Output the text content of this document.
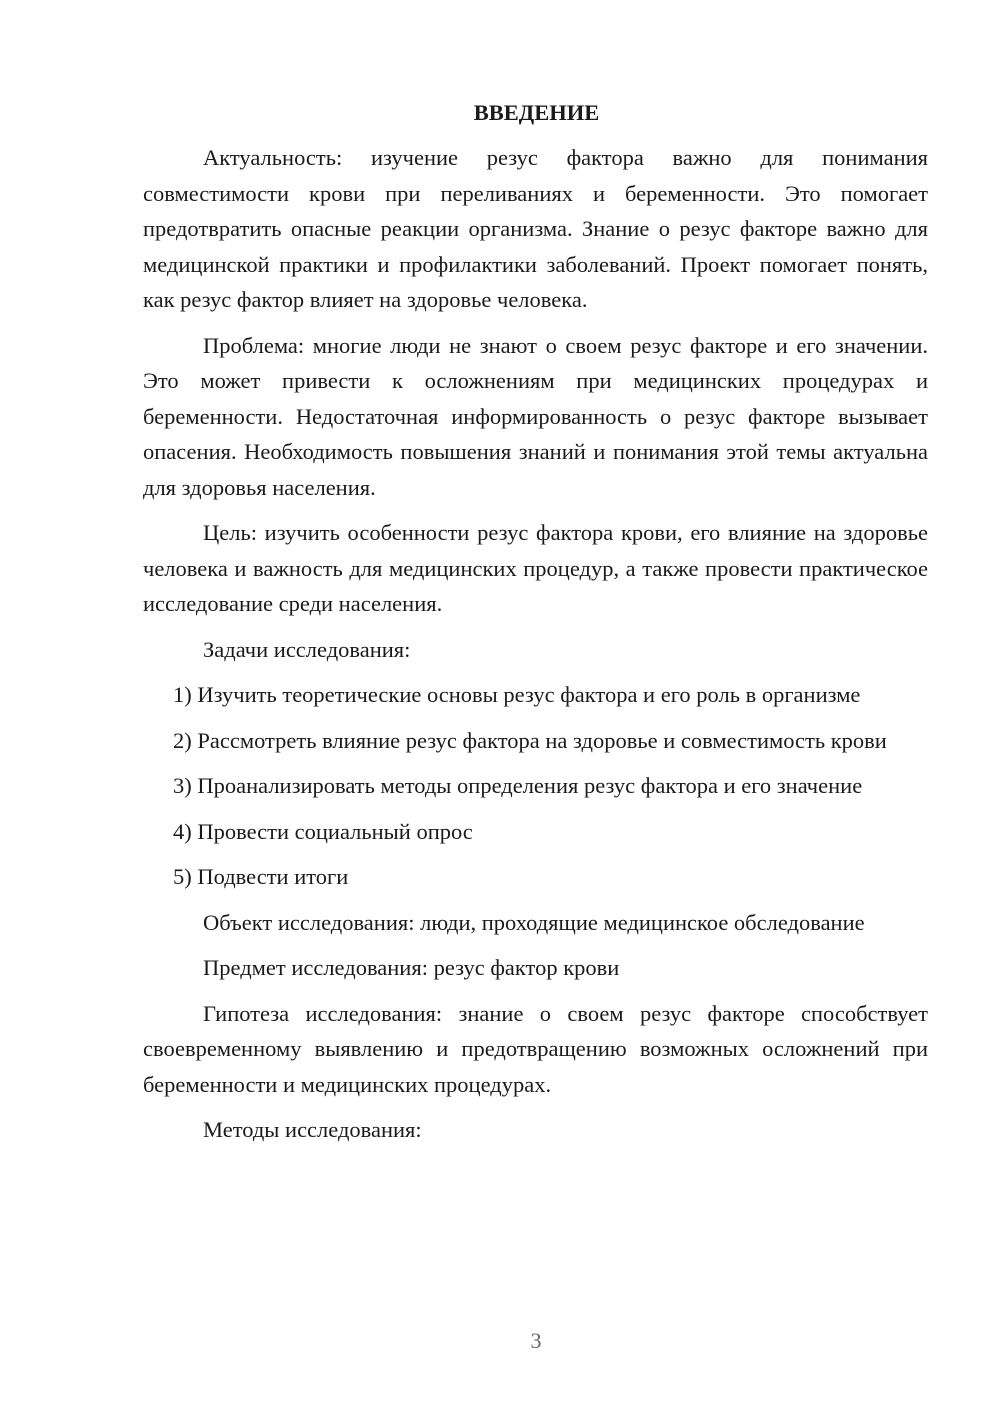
ВВЕДЕНИЕ

Актуальность: изучение резус фактора важно для понимания совместимости крови при переливаниях и беременности. Это помогает предотвратить опасные реакции организма. Знание о резус факторе важно для медицинской практики и профилактики заболеваний. Проект помогает понять, как резус фактор влияет на здоровье человека.

Проблема: многие люди не знают о своем резус факторе и его значении. Это может привести к осложнениям при медицинских процедурах и беременности. Недостаточная информированность о резус факторе вызывает опасения. Необходимость повышения знаний и понимания этой темы актуальна для здоровья населения.

Цель: изучить особенности резус фактора крови, его влияние на здоровье человека и важность для медицинских процедур, а также провести практическое исследование среди населения.

Задачи исследования:

1) Изучить теоретические основы резус фактора и его роль в организме

2) Рассмотреть влияние резус фактора на здоровье и совместимость крови

3) Проанализировать методы определения резус фактора и его значение

4) Провести социальный опрос

5) Подвести итоги

Объект исследования: люди, проходящие медицинское обследование

Предмет исследования: резус фактор крови

Гипотеза исследования: знание о своем резус факторе способствует своевременному выявлению и предотвращению возможных осложнений при беременности и медицинских процедурах.

Методы исследования:

3
